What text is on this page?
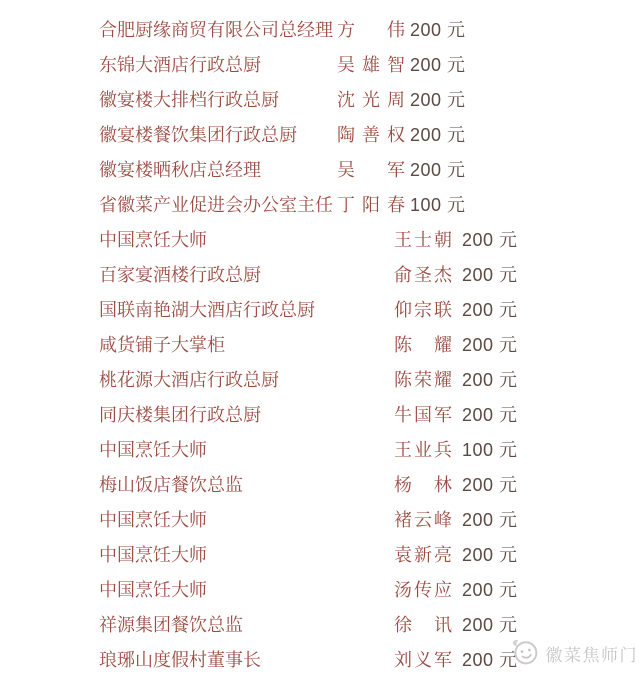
合肥厨缘商贸有限公司总经理 方伟 200 元
东锦大酒店行政总厨	吴雄智 200 元
徽宴楼大排档行政总厨	沈光周 200 元
徽宴楼餐饮集团行政总厨	陶善权 200 元
徽宴楼晒秋店总经理	吴军 200 元
省徽菜产业促进会办公室主任 丁阳春 100 元
中国烹饪大师	王士朝 200 元
百家宴酒楼行政总厨	俞圣杰 200 元
国联南艳湖大酒店行政总厨	仰宗联 200 元
咸货铺子大掌柜	陈耀 200 元
桃花源大酒店行政总厨	陈荣耀 200 元
同庆楼集团行政总厨	牛国军 200 元
中国烹饪大师	王业兵 100 元
梅山饭店餐饮总监	杨林 200 元
中国烹饪大师	褚云峰 200 元
中国烹饪大师	袁新亮 200 元
中国烹饪大师	汤传应 200 元
祥源集团餐饮总监	徐讯 200 元
琅琊山度假村董事长	刘义军 200 元 徽菜焦师门
